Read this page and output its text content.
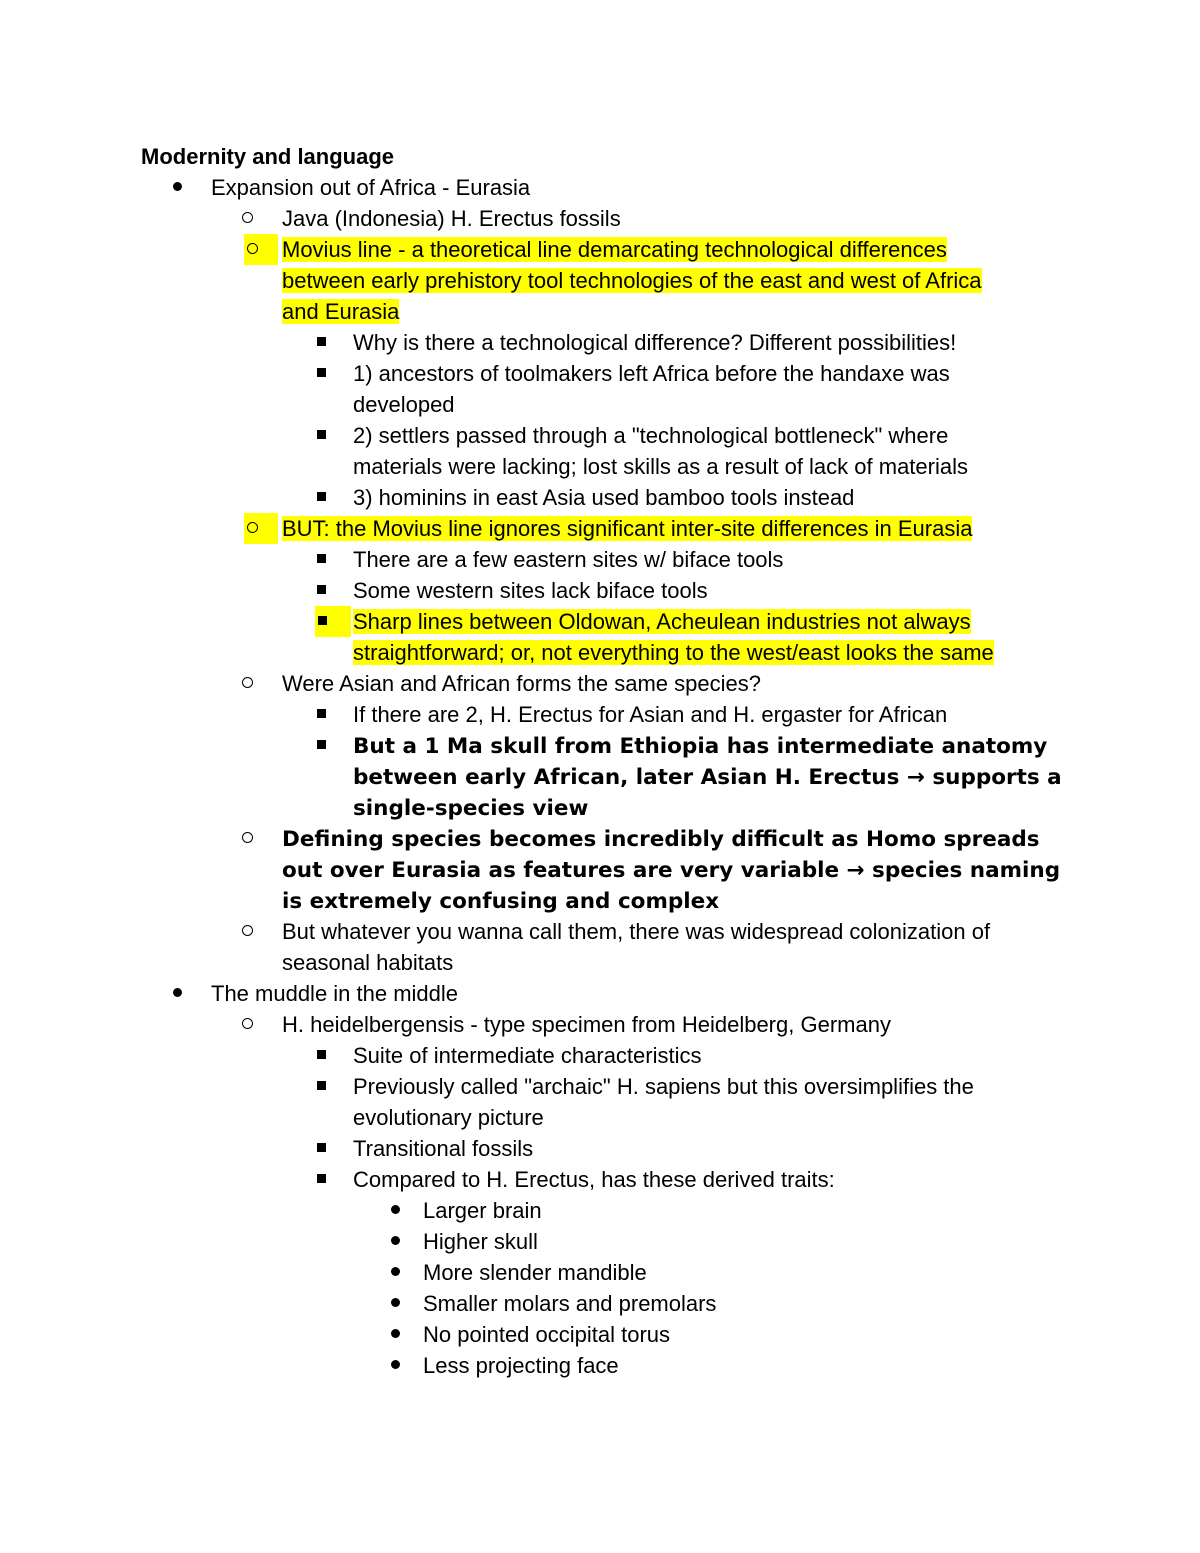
Modernity and language
Expansion out of Africa - Eurasia
Java (Indonesia) H. Erectus fossils
Movius line - a theoretical line demarcating technological differences
between early prehistory tool technologies of the east and west of Africa
and Eurasia
Why is there a technological difference? Different possibilities!
1) ancestors of toolmakers left Africa before the handaxe was
developed
2) settlers passed through a "technological bottleneck" where
materials were lacking; lost skills as a result of lack of materials
3) hominins in east Asia used bamboo tools instead
BUT: the Movius line ignores significant inter-site differences in Eurasia
There are a few eastern sites w/ biface tools
Some western sites lack biface tools
Sharp lines between Oldowan, Acheulean industries not always
straightforward; or, not everything to the west/east looks the same
Were Asian and African forms the same species?
If there are 2, H. Erectus for Asian and H. ergaster for African
But a 1 Ma skull from Ethiopia has intermediate anatomy
between early African, later Asian H. Erectus → supports a
single-species view
Defining species becomes incredibly difficult as Homo spreads
out over Eurasia as features are very variable → species naming
is extremely confusing and complex
But whatever you wanna call them, there was widespread colonization of
seasonal habitats
The muddle in the middle
H. heidelbergensis - type specimen from Heidelberg, Germany
Suite of intermediate characteristics
Previously called "archaic" H. sapiens but this oversimplifies the
evolutionary picture
Transitional fossils
Compared to H. Erectus, has these derived traits:
Larger brain
Higher skull
More slender mandible
Smaller molars and premolars
No pointed occipital torus
Less projecting face
